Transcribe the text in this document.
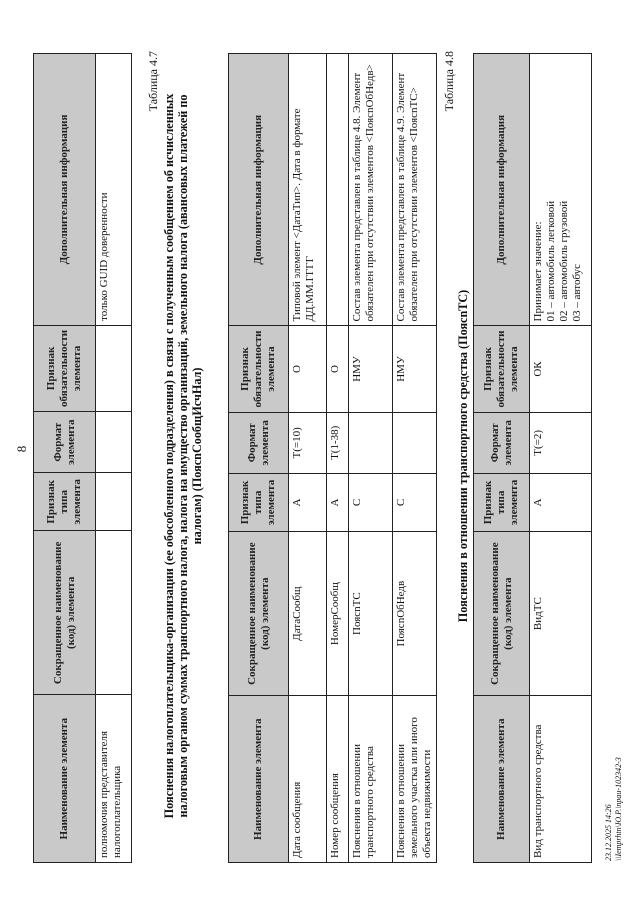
8
Наименование элемента	Сокращенное наименование (код) элемента	Признак типа элемента	Формат элемента	Признак обязательности элемента	Дополнительная информация
полномочия представителя налогоплательщика					только GUID доверенности
Таблица 4.7
Пояснения налогоплательщика-организации (ее обособленного подразделения) в связи с полученным сообщением об исчисленных налоговым органом суммах транспортного налога, налога на имущество организаций, земельного налога (авансовых платежей по налогам) (ПоясnСообщИсчНал)
Наименование элемента	Сокращенное наименование (код) элемента	Признак типа элемента	Формат элемента	Признак обязательности элемента	Дополнительная информация
Дата сообщения	ДатаСообщ	А	T(=10)	О	Типовой элемент <ДатаТип>. Дата в формате ДД.ММ.ГГГГ
Номер сообщения	НомерСообщ	А	T(1-38)	О	
Пояснения в отношении транспортного средства	ПоясnТС	С		НМУ	Состав элемента представлен в таблице 4.8. Элемент обязателен при отсутствии элементов <ПоясnОбНедв>
Пояснения в отношении земельного участка или иного объекта недвижимости	ПоясnОбНедв	С		НМУ	Состав элемента представлен в таблице 4.9. Элемент обязателен при отсутствии элементов <ПоясnТС>
Таблица 4.8
Пояснения в отношении транспортного средства (ПоясnТС)
Наименование элемента	Сокращенное наименование (код) элемента	Признак типа элемента	Формат элемента	Признак обязательности элемента	Дополнительная информация
Вид транспортного средства	ВидТС	А	T(=2)	ОК	Принимает значение: 01 – автомобиль легковой 02 – автомобиль грузовой 03 – автобус
23.12.2025 14:26 \\Iemprhtn\Ю.Р.\праи-102342-3
